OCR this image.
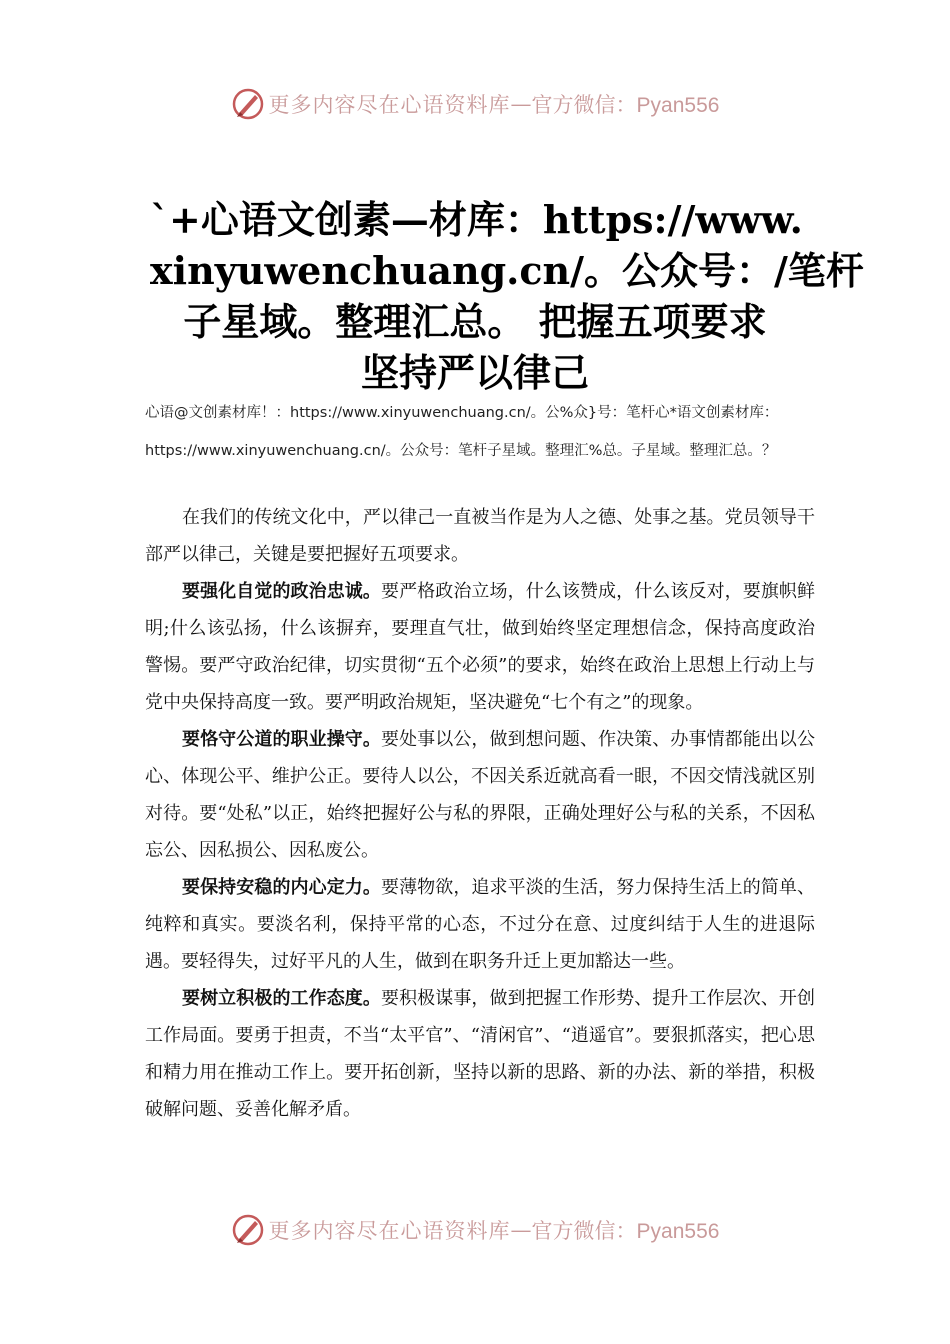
更多内容尽在心语资料库 — 官方微信：Pyan556
`+心语文创素—材库：https://www.
xinyuwenchuang.cn/。公众号：/笔杆
子星域。整理汇总。 把握五项要求
坚持严以律己
心语@文创素材库！：https://www.xinyuwenchuang.cn/。公%众}号：笔杆心*语文创素材库：https://www.xinyuwenchuang.cn/。公众号：笔杆子星域。整理汇%总。子星域。整理汇总。？

在我们的传统文化中，严以律己一直被当作是为人之德、处事之基。党员领导干部严以律己，关键是要把握好五项要求。

要强化自觉的政治忠诚。要严格政治立场，什么该赞成，什么该反对，要旗帜鲜明;什么该弘扬，什么该摒弃，要理直气壮，做到始终坚定理想信念，保持高度政治警惕。要严守政治纪律，切实贯彻“五个必须”的要求，始终在政治上思想上行动上与党中央保持高度一致。要严明政治规矩，坚决避免“七个有之”的现象。

要恪守公道的职业操守。要处事以公，做到想问题、作决策、办事情都能出以公心、体现公平、维护公正。要待人以公，不因关系近就高看一眼，不因交情浅就区别对待。要“处私”以正，始终把握好公与私的界限，正确处理好公与私的关系，不因私忘公、因私损公、因私废公。

要保持安稳的内心定力。要薄物欲，追求平淡的生活，努力保持生活上的简单、纯粹和真实。要淡名利，保持平常的心态，不过分在意、过度纠结于人生的进退际遇。要轻得失，过好平凡的人生，做到在职务升迁上更加豁达一些。

要树立积极的工作态度。要积极谋事，做到把握工作形势、提升工作层次、开创工作局面。要勇于担责，不当“太平官”、“清闲官”、“逍遥官”。要狠抓落实，把心思和精力用在推动工作上。要开拓创新，坚持以新的思路、新的办法、新的举措，积极破解问题、妥善化解矛盾。

更多内容尽在心语资料库 — 官方微信：Pyan556
